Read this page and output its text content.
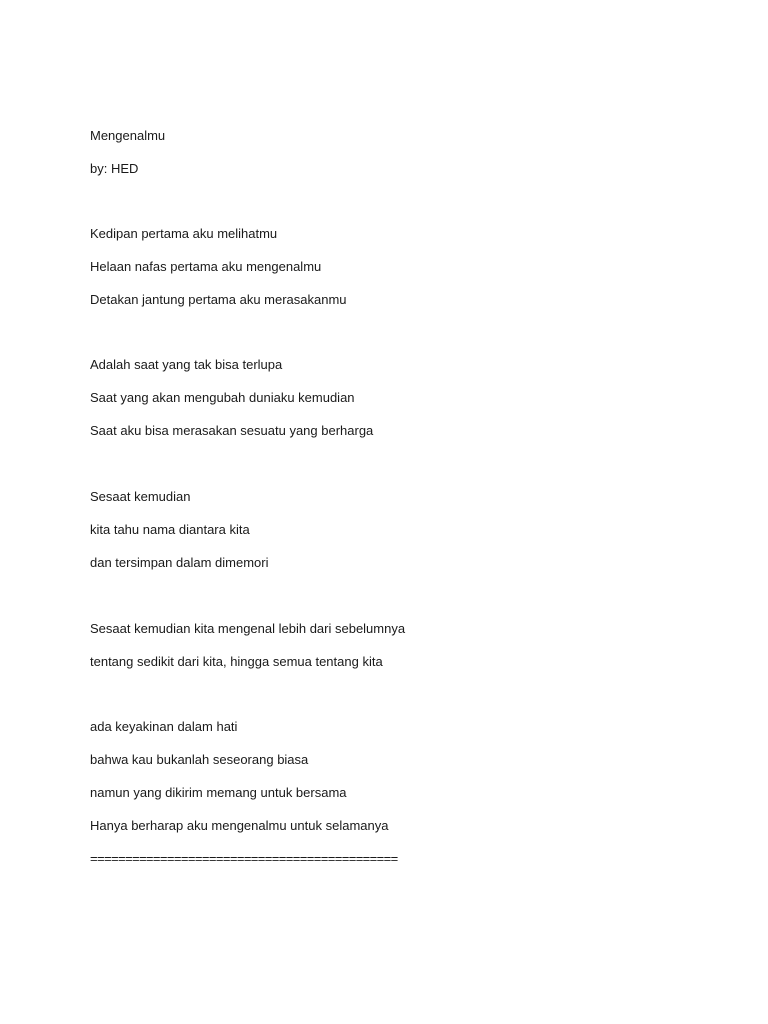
Mengenalmu

by: HED

Kedipan pertama aku melihatmu

Helaan nafas pertama aku mengenalmu

Detakan jantung pertama aku merasakanmu

Adalah saat yang tak bisa terlupa

Saat yang akan mengubah duniaku kemudian

Saat aku bisa merasakan sesuatu yang berharga

Sesaat kemudian

kita tahu nama diantara kita

dan tersimpan dalam dimemori

Sesaat kemudian kita mengenal lebih dari sebelumnya

tentang sedikit dari kita, hingga semua tentang kita

ada keyakinan dalam hati

bahwa kau bukanlah seseorang biasa

namun yang dikirim memang untuk bersama

Hanya berharap aku mengenalmu untuk selamanya

============================================
